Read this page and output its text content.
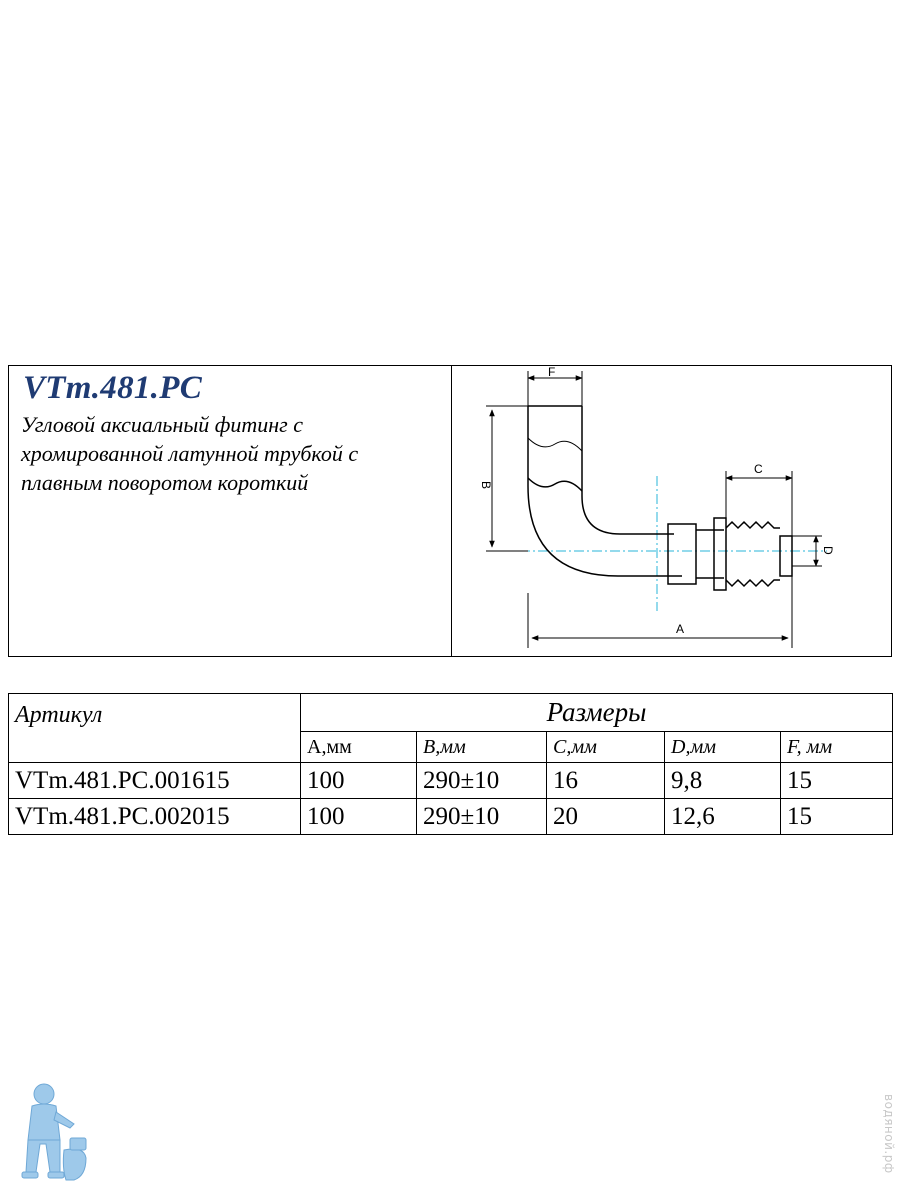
VTm.481.PC

Угловой аксиальный фитинг с хромированной латунной трубкой с плавным поворотом короткий

F
B
C
D
A
Артикул	Размеры				
	A,мм	B,мм	C,мм	D,мм	F, мм
VTm.481.PC.001615	100	290±10	16	9,8	15
VTm.481.PC.002015	100	290±10	20	12,6	15
водяной.рф
